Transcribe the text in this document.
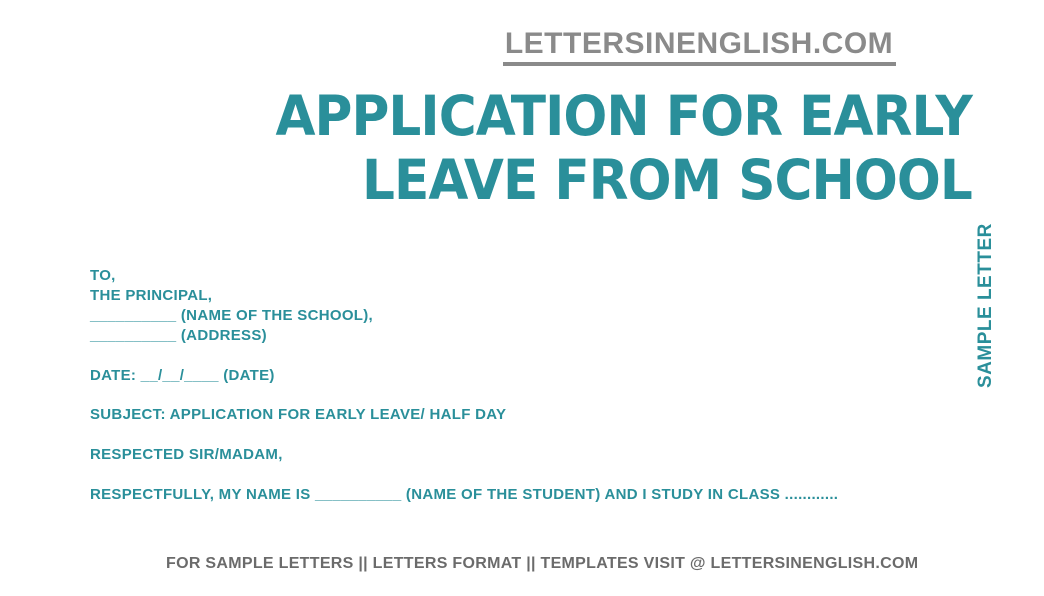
LETTERSINENGLISH.COM
APPLICATION FOR EARLY
LEAVE FROM SCHOOL
SAMPLE LETTER
TO,
THE PRINCIPAL,
__________ (NAME OF THE SCHOOL),
__________ (ADDRESS)
DATE: __/__/____ (DATE)
SUBJECT: APPLICATION FOR EARLY LEAVE/ HALF DAY
RESPECTED SIR/MADAM,
RESPECTFULLY, MY NAME IS __________ (NAME OF THE STUDENT) AND I STUDY IN CLASS ............
FOR SAMPLE LETTERS || LETTERS FORMAT || TEMPLATES VISIT @ LETTERSINENGLISH.COM
